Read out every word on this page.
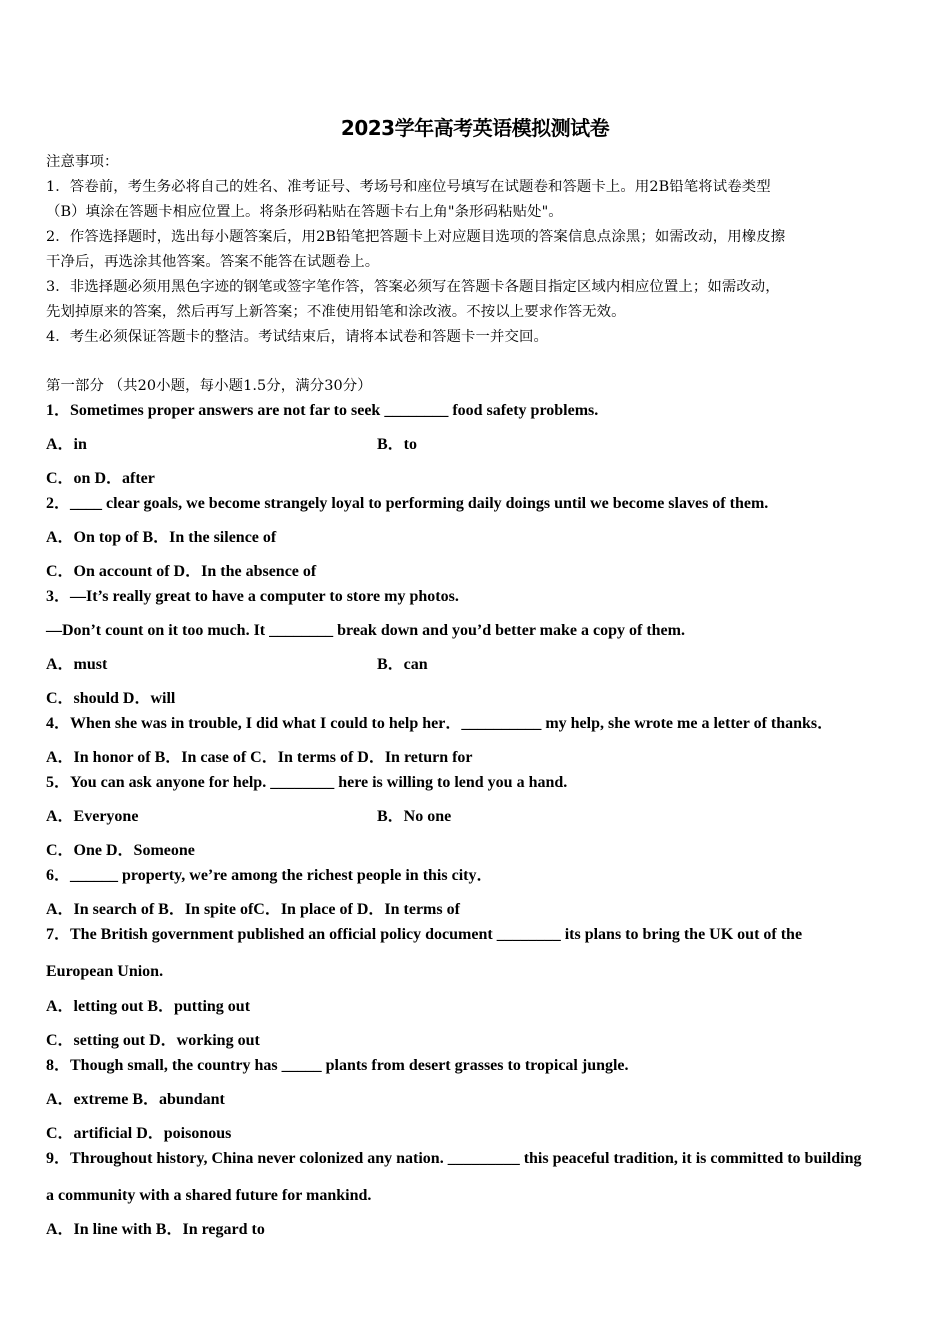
2023学年高考英语模拟测试卷
注意事项：
1．答卷前，考生务必将自己的姓名、准考证号、考场号和座位号填写在试题卷和答题卡上。用2B铅笔将试卷类型
（B）填涂在答题卡相应位置上。将条形码粘贴在答题卡右上角"条形码粘贴处"。
2．作答选择题时，选出每小题答案后，用2B铅笔把答题卡上对应题目选项的答案信息点涂黑；如需改动，用橡皮擦
干净后，再选涂其他答案。答案不能答在试题卷上。
3．非选择题必须用黑色字迹的钢笔或签字笔作答，答案必须写在答题卡各题目指定区域内相应位置上；如需改动，
先划掉原来的答案，然后再写上新答案；不准使用铅笔和涂改液。不按以上要求作答无效。
4．考生必须保证答题卡的整洁。考试结束后，请将本试卷和答题卡一并交回。
第一部分 （共20小题，每小题1.5分，满分30分）
1．Sometimes proper answers are not far to seek ________ food safety problems.
A．in	B．to
C．on D．after
2．____ clear goals, we become strangely loyal to performing daily doings until we become slaves of them.
A．On top of B．In the silence of
C．On account of D．In the absence of
3．—It’s really great to have a computer to store my photos.
—Don’t count on it too much. It ________ break down and you’d better make a copy of them.
A．must	B．can
C．should D．will
4．When she was in trouble, I did what I could to help her．__________ my help, she wrote me a letter of thanks．
A．In honor of B．In case of C．In terms of D．In return for
5．You can ask anyone for help. ________ here is willing to lend you a hand.
A．Everyone	B．No one
C．One D．Someone
6．______ property, we’re among the richest people in this city．
A．In search of B．In spite ofC．In place of D．In terms of
7．The British government published an official policy document ________ its plans to bring the UK out of the
European Union.
A．letting out B．putting out
C．setting out D．working out
8．Though small, the country has _____ plants from desert grasses to tropical jungle.
A．extreme B．abundant
C．artificial D．poisonous
9．Throughout history, China never colonized any nation. _________ this peaceful tradition, it is committed to building
a community with a shared future for mankind.
A．In line with B．In regard to
